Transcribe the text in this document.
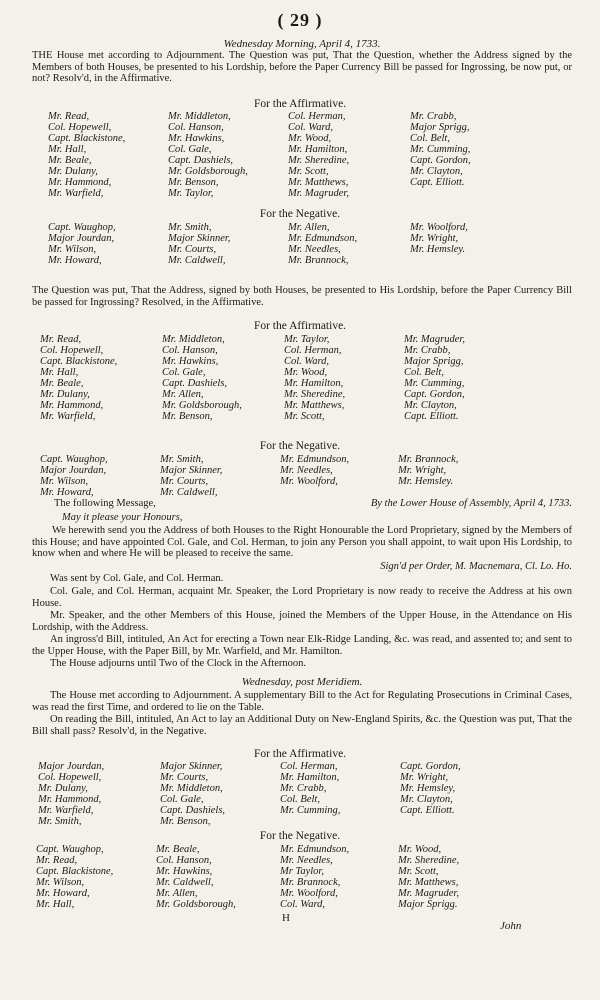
( 29 )
Wednesday Morning, April 4, 1733.
THE House met according to Adjournment. The Question was put, That the Question, whether the Address signed by the Members of both Houses, be presented to his Lordship, before the Paper Currency Bill be passed for Ingrossing, be now put, or not? Resolv'd, in the Affirmative.
For the Affirmative.
Mr. Read,
Col. Hopewell,
Capt. Blackistone,
Mr. Hall,
Mr. Beale,
Mr. Dulany,
Mr. Hammond,
Mr. Warfield,
Mr. Middleton,
Col. Hanson,
Mr. Hawkins,
Col. Gale,
Capt. Dashiels,
Mr. Goldsborough,
Mr. Benson,
Mr. Taylor,
Col. Herman,
Col. Ward,
Mr. Wood,
Mr. Hamilton,
Mr. Sheredine,
Mr. Scott,
Mr. Matthews,
Mr. Magruder,
Mr. Crabb,
Major Sprigg,
Col. Belt,
Mr. Cumming,
Capt. Gordon,
Mr. Clayton,
Capt. Elliott.
For the Negative.
Capt. Waughop,
Major Jourdan,
Mr. Wilson,
Mr. Howard,
Mr. Smith,
Major Skinner,
Mr. Courts,
Mr. Caldwell,
Mr. Allen,
Mr. Edmundson,
Mr. Needles,
Mr. Brannock,
Mr. Woolford,
Mr. Wright,
Mr. Hemsley.
The Question was put, That the Address, signed by both Houses, be presented to His Lordship, before the Paper Currency Bill be passed for Ingrossing? Resolved, in the Affirmative.
For the Affirmative.
Mr. Read,
Col. Hopewell,
Capt. Blackistone,
Mr. Hall,
Mr. Beale,
Mr. Dulany,
Mr. Hammond,
Mr. Warfield,
Mr. Middleton,
Col. Hanson,
Mr. Hawkins,
Col. Gale,
Capt. Dashiels,
Mr. Allen,
Mr. Goldsborough,
Mr. Benson,
Mr. Taylor,
Col. Herman,
Col. Ward,
Mr. Wood,
Mr. Hamilton,
Mr. Sheredine,
Mr. Matthews,
Mr. Scott,
Mr. Magruder,
Mr. Crabb,
Major Sprigg,
Col. Belt,
Mr. Cumming,
Capt. Gordon,
Mr. Clayton,
Capt. Elliott.
For the Negative.
Capt. Waughop,
Major Jourdan,
Mr. Wilson,
Mr. Howard,
Mr. Smith,
Major Skinner,
Mr. Courts,
Mr. Caldwell,
Mr. Edmundson,
Mr. Needles,
Mr. Woolford,
Mr. Brannock,
Mr. Wright,
Mr. Hemsley.
The following Message,	By the Lower House of Assembly, April 4, 1733.
May it please your Honours,
We herewith send you the Address of both Houses to the Right Honourable the Lord Proprietary, signed by the Members of this House; and have appointed Col. Gale, and Col. Herman, to join any Person you shall appoint, to wait upon His Lordship, to know when and where He will be pleased to receive the same.
Sign'd per Order, M. Macnemara, Cl. Lo. Ho.
Was sent by Col. Gale, and Col. Herman.
Col. Gale, and Col. Herman, acquaint Mr. Speaker, the Lord Proprietary is now ready to receive the Address at his own House.
Mr. Speaker, and the other Members of this House, joined the Members of the Upper House, in the Attendance on His Lordship, with the Address.
An ingross'd Bill, intituled, An Act for erecting a Town near Elk-Ridge Landing, &c. was read, and assented to; and sent to the Upper House, with the Paper Bill, by Mr. Warfield, and Mr. Hamilton.
The House adjourns until Two of the Clock in the Afternoon.
Wednesday, post Meridiem.
The House met according to Adjournment. A supplementary Bill to the Act for Regulating Prosecutions in Criminal Cases, was read the first Time, and ordered to lie on the Table.
On reading the Bill, intituled, An Act to lay an Additional Duty on New-England Spirits, &c. the Question was put, That the Bill shall pass? Resolv'd, in the Negative.
For the Affirmative.
Major Jourdan,
Col. Hopewell,
Mr. Dulany,
Mr. Hammond,
Mr. Warfield,
Mr. Smith,
Major Skinner,
Mr. Courts,
Mr. Middleton,
Col. Gale,
Capt. Dashiels,
Mr. Benson,
Col. Herman,
Mr. Hamilton,
Mr. Crabb,
Col. Belt,
Mr. Cumming,
Capt. Gordon,
Mr. Wright,
Mr. Hemsley,
Mr. Clayton,
Capt. Elliott.
For the Negative.
Capt. Waughop,
Mr. Read,
Capt. Blackistone,
Mr. Wilson,
Mr. Howard,
Mr. Hall,
Mr. Beale,
Col. Hanson,
Mr. Hawkins,
Mr. Caldwell,
Mr. Allen,
Mr. Goldsborough,
Mr. Edmundson,
Mr. Needles,
Mr Taylor,
Mr. Brannock,
Mr. Woolford,
Col. Ward,
Mr. Wood,
Mr. Sheredine,
Mr. Scott,
Mr. Matthews,
Mr. Magruder,
Major Sprigg.
H
John
